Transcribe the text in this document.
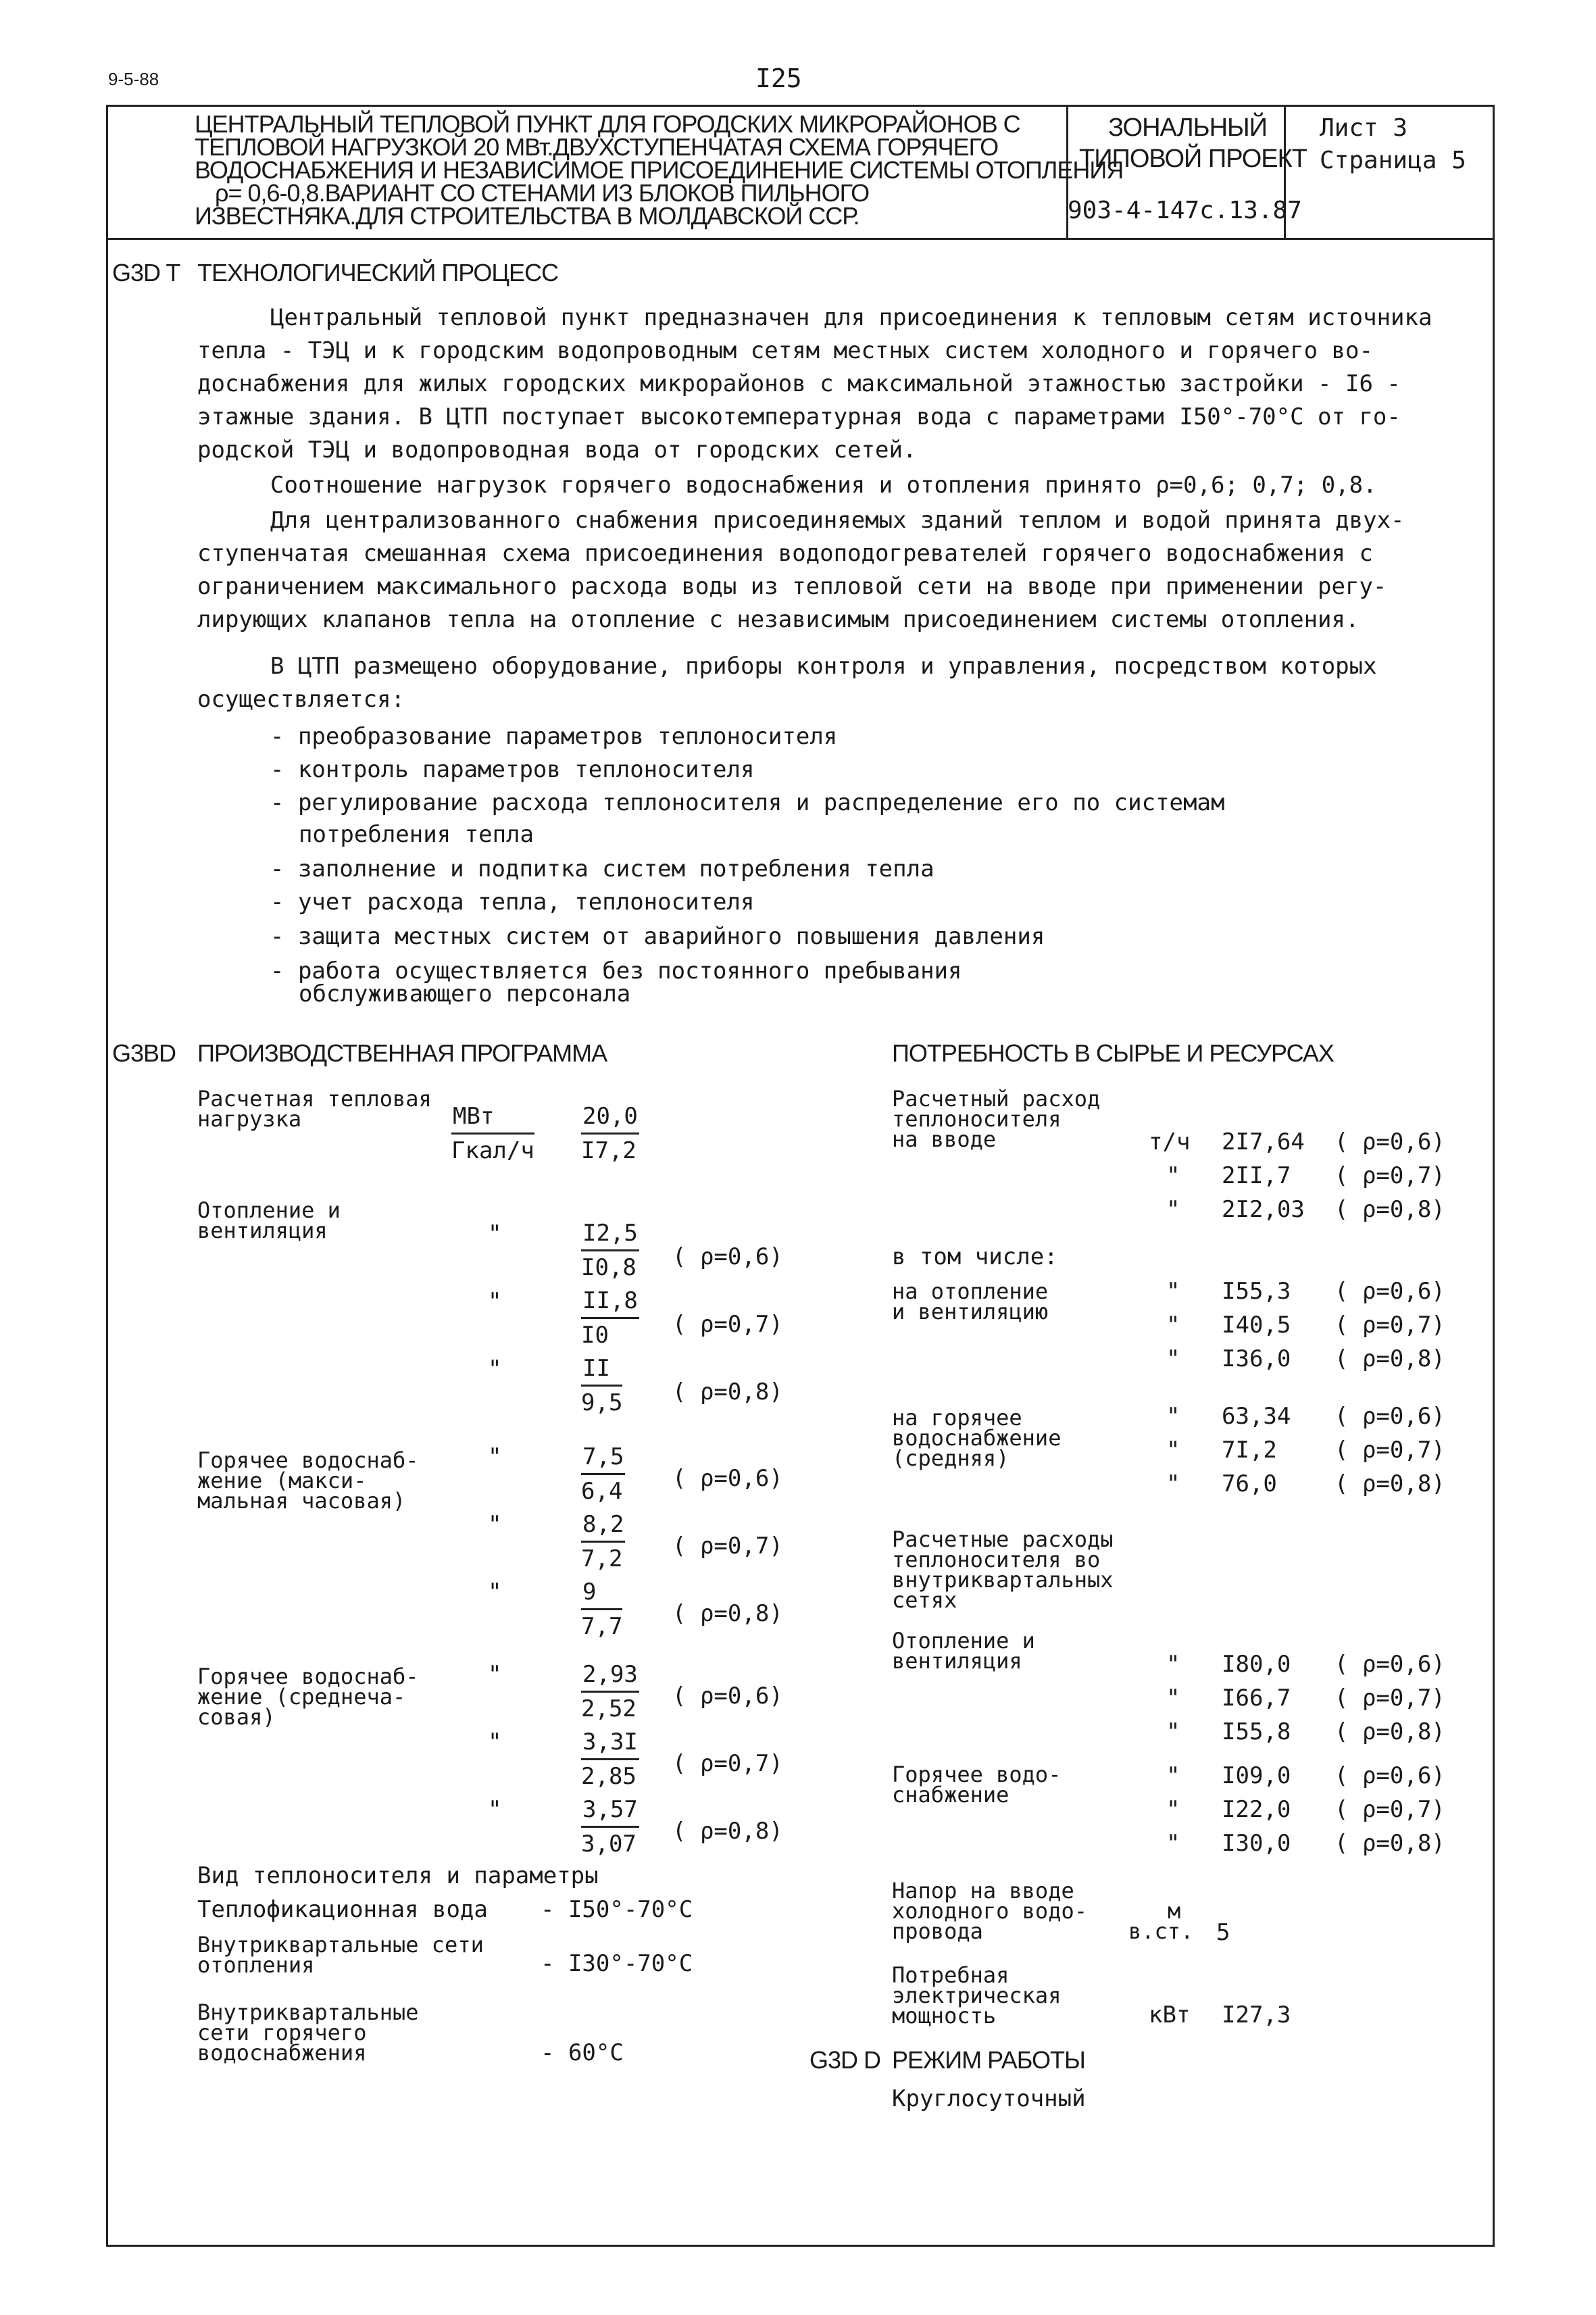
9-5-88	I25
ЦЕНТРАЛЬНЫЙ ТЕПЛОВОЙ ПУНКТ ДЛЯ ГОРОДСКИХ МИКРОРАЙОНОВ С
ТЕПЛОВОЙ НАГРУЗКОЙ 20 МВт.ДВУХСТУПЕНЧАТАЯ СХЕМА ГОРЯЧЕГО
ВОДОСНАБЖЕНИЯ И НЕЗАВИСИМОЕ ПРИСОЕДИНЕНИЕ СИСТЕМЫ ОТОПЛЕНИЯ
ρ= 0,6-0,8.ВАРИАНТ СО СТЕНАМИ ИЗ БЛОКОВ ПИЛЬНОГО
ИЗВЕСТНЯКА.ДЛЯ СТРОИТЕЛЬСТВА В МОЛДАВСКОЙ ССР.
ЗОНАЛЬНЫЙ
ТИПОВОЙ ПРОЕКТ
903-4-147с.13.87
Лист 3
Страница 5
G3D T ТЕХНОЛОГИЧЕСКИЙ ПРОЦЕСС
Центральный тепловой пункт предназначен для присоединения к тепловым сетям источника
тепла - ТЭЦ и к городским водопроводным сетям местных систем холодного и горячего во-
доснабжения для жилых городских микрорайонов с максимальной этажностью застройки - I6 -
этажные здания. В ЦТП поступает высокотемпературная вода с параметрами I50°-70°С от го-
родской ТЭЦ и водопроводная вода от городских сетей.
Соотношение нагрузок горячего водоснабжения и отопления принято ρ=0,6; 0,7; 0,8.
Для централизованного снабжения присоединяемых зданий теплом и водой принята двух-
ступенчатая смешанная схема присоединения водоподогревателей горячего водоснабжения с
ограничением максимального расхода воды из тепловой сети на вводе при применении регу-
лирующих клапанов тепла на отопление с независимым присоединением системы отопления.
В ЦТП размещено оборудование, приборы контроля и управления, посредством которых
осуществляется:
- преобразование параметров теплоносителя
- контроль параметров теплоносителя
- регулирование расхода теплоносителя и распределение его по системам
потребления тепла
- заполнение и подпитка систем потребления тепла
- учет расхода тепла, теплоносителя
- защита местных систем от аварийного повышения давления
- работа осуществляется без постоянного пребывания
обслуживающего персонала
G3BD ПРОИЗВОДСТВЕННАЯ ПРОГРАММА
Расчетная тепловая
нагрузка	МВт
Гкал/ч $\frac{20,0}{I7,2}$
Отопление и
вентиляция	"	$\frac{I2,5}{I0,8}$ ( ρ=0,6)
"	$\frac{II,8}{I0}$ ( ρ=0,7)
"	$\frac{II}{9,5}$ ( ρ=0,8)
Горячее водоснаб-
жение (макси-
мальная часовая)
"	$\frac{7,5}{6,4}$ ( ρ=0,6)
"	$\frac{8,2}{7,2}$ ( ρ=0,7)
"	$\frac{9}{7,7}$ ( ρ=0,8)
Горячее водоснаб-
жение (среднеча-
совая)
"	$\frac{2,93}{2,52}$ ( ρ=0,6)
"	$\frac{3,3I}{2,85}$ ( ρ=0,7)
"	$\frac{3,57}{3,07}$ ( ρ=0,8)
Вид теплоносителя и параметры
Теплофикационная вода - I50°-70°С
Внутриквартальные сети
отопления	- I30°-70°С
Внутриквартальные
сети горячего
водоснабжения	- 60°С
ПОТРЕБНОСТЬ В СЫРЬЕ И РЕСУРСАХ
Расчетный расход
теплоносителя
на вводе	т/ч 2I7,64 ( ρ=0,6)
" 2II,7 ( ρ=0,7)
" 2I2,03 ( ρ=0,8)
в том числе:
на отопление
и вентиляцию
" I55,3 ( ρ=0,6)
" I40,5 ( ρ=0,7)
" I36,0 ( ρ=0,8)
на горячее
водоснабжение
(средняя)
" 63,34 ( ρ=0,6)
" 7I,2	( ρ=0,7)
" 76,0	( ρ=0,8)
Расчетные расходы
теплоносителя во
внутриквартальных
сетях
Отопление и
вентиляция	" I80,0 ( ρ=0,6)
" I66,7 ( ρ=0,7)
" I55,8 ( ρ=0,8)
Горячее водо-
снабжение
" I09,0 ( ρ=0,6)
" I22,0 ( ρ=0,7)
" I30,0 ( ρ=0,8)
Напор на вводе
холодного водо-
провода
м
в.ст. 5
Потребная
электрическая
мощность	кВт I27,3
G3D D РЕЖИМ РАБОТЫ
Круглосуточный
